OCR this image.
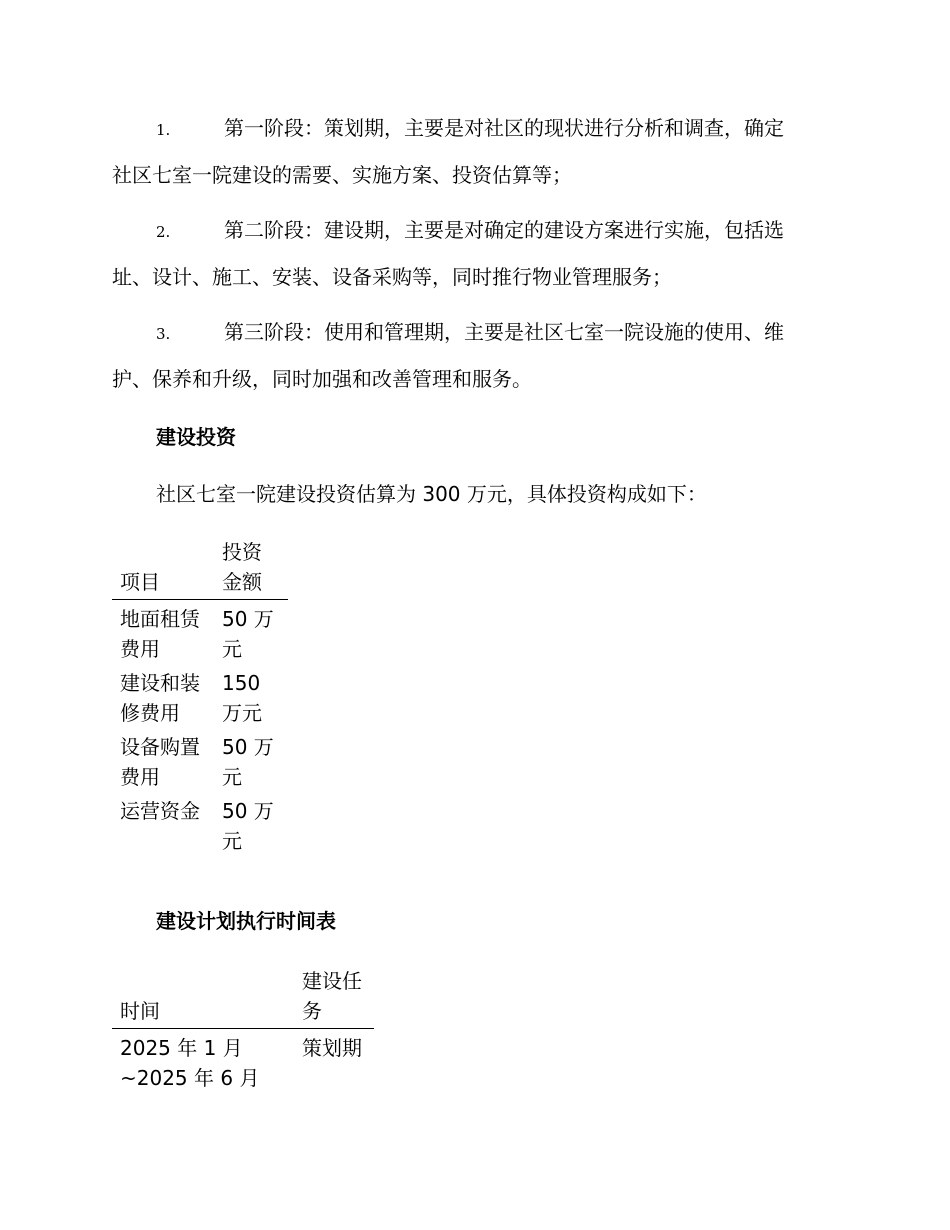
1.	第一阶段：策划期，主要是对社区的现状进行分析和调查，确定
社区七室一院建设的需要、实施方案、投资估算等；
2.	第二阶段：建设期，主要是对确定的建设方案进行实施，包括选
址、设计、施工、安装、设备采购等，同时推行物业管理服务；
3.	第三阶段：使用和管理期，主要是社区七室一院设施的使用、维
护、保养和升级，同时加强和改善管理和服务。
建设投资
社区七室一院建设投资估算为 300 万元，具体投资构成如下：
项目	投资金额
地面租赁费用	50 万元
建设和装修费用	150 万元
设备购置费用	50 万元
运营资金	50 万元
建设计划执行时间表
时间	建设任务
2025 年 1 月 ~2025 年 6 月	策划期
